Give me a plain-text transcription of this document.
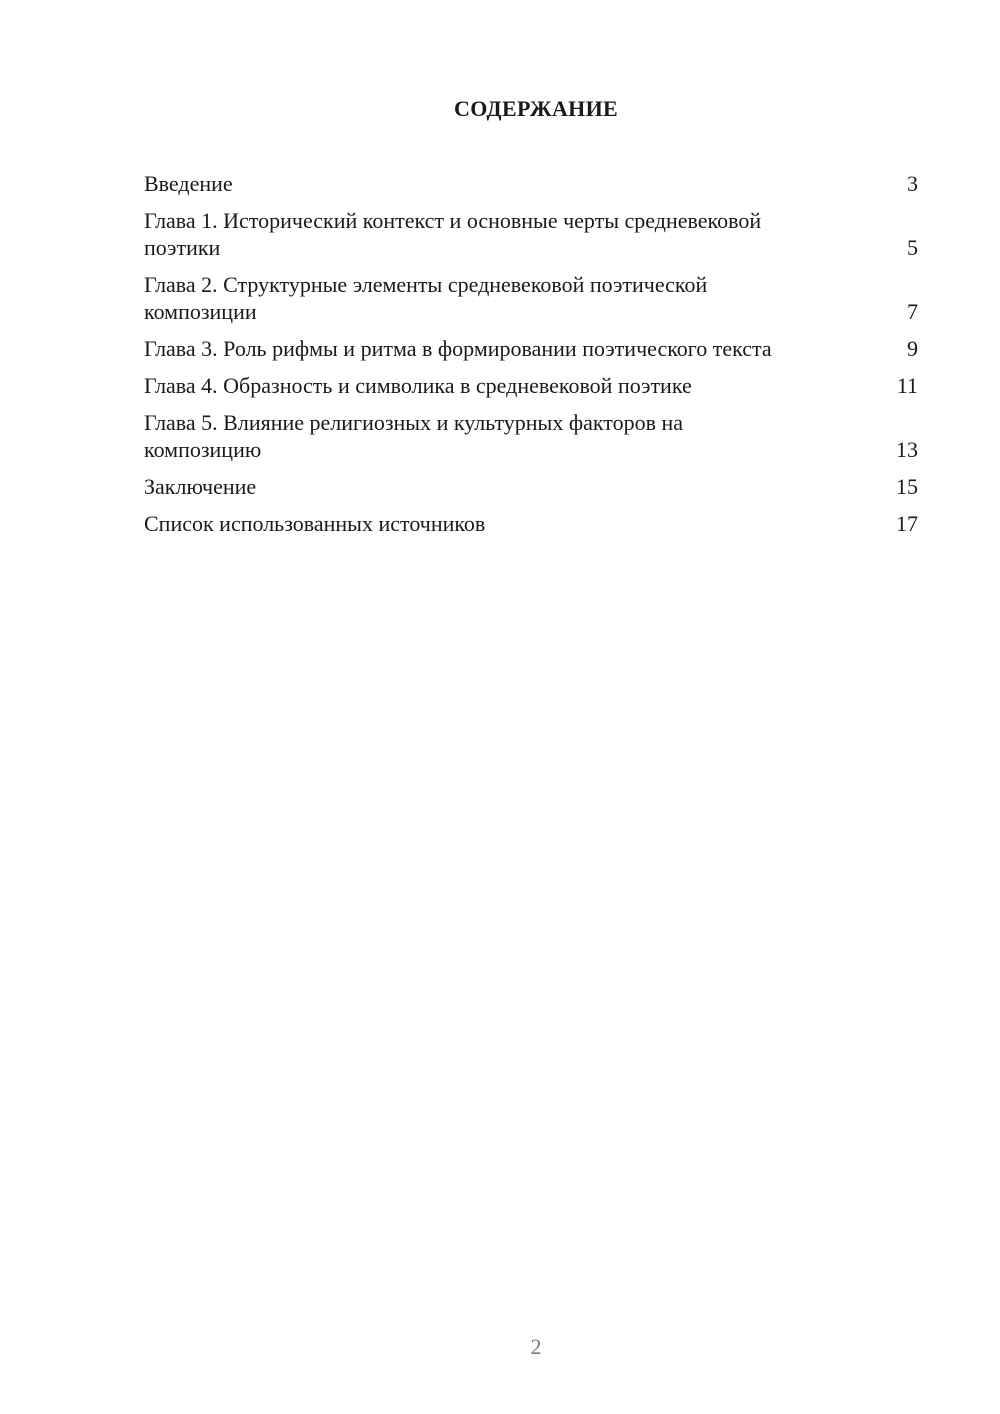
СОДЕРЖАНИЕ
Введение	3
Глава 1. Исторический контекст и основные черты средневековой поэтики	5
Глава 2. Структурные элементы средневековой поэтической композиции	7
Глава 3. Роль рифмы и ритма в формировании поэтического текста	9
Глава 4. Образность и символика в средневековой поэтике	11
Глава 5. Влияние религиозных и культурных факторов на композицию	13
Заключение	15
Список использованных источников	17
2
